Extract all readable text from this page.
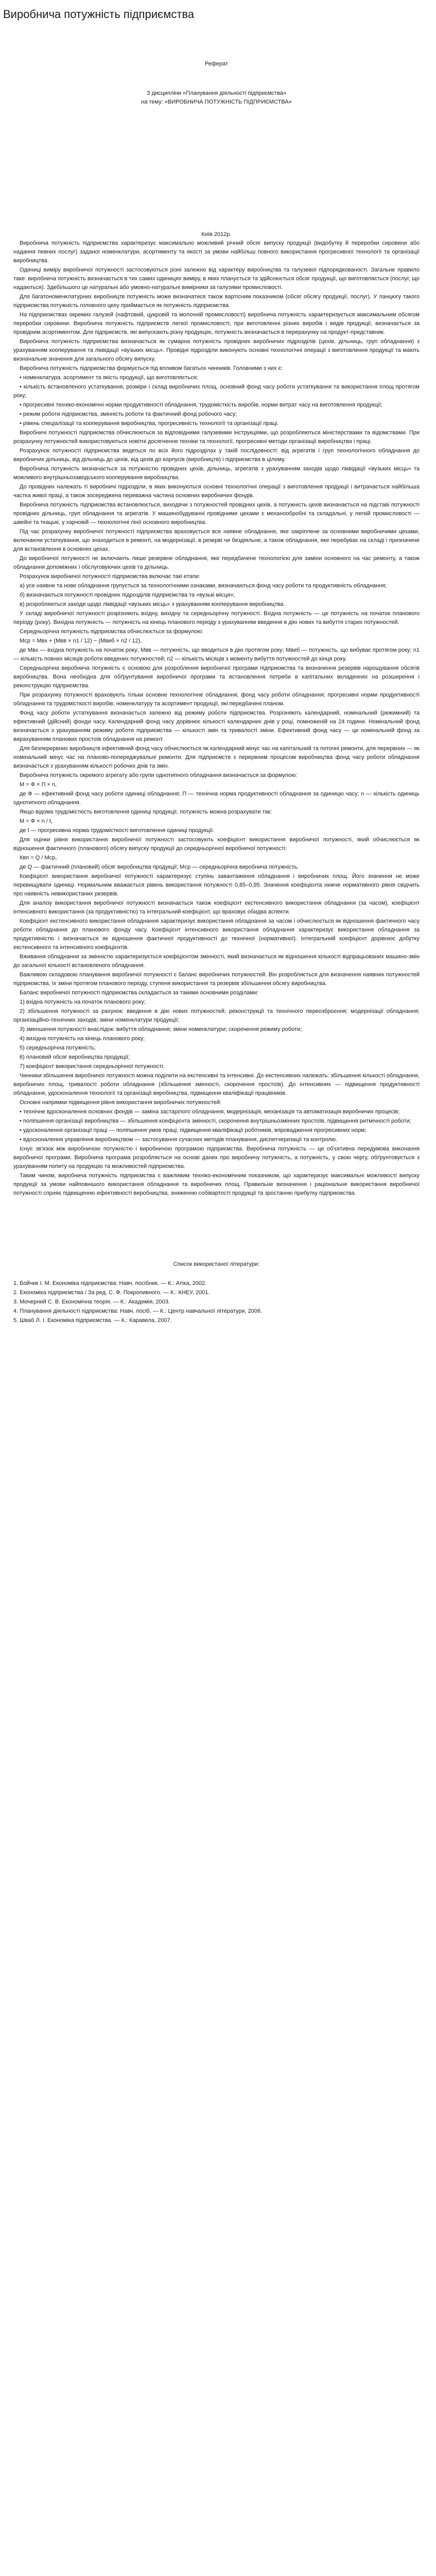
Виробнича потужність підприємства
Реферат
З дисципліни «Планування діяльності підприємства»
на тему: «ВИРОБНИЧА ПОТУЖНІСТЬ ПІДПРИЄМСТВА»
Київ 2012р.

Виробнича потужність підприємства характеризує максимально можливий річний обсяг випуску продукції (видобутку й переробки сировини або надання певних послуг) заданої номенклатури, асортименту та якості за умови найбільш повного використання прогресивної технології та організації виробництва.

Одиниці виміру виробничої потужності застосовуються різні залежно від характеру виробництва та галузевої підпорядкованості. Загальне правило таке: виробнича потужність визначається в тих самих одиницях виміру, в яких планується та здійснюється обсяг продукції, що виготовляється (послуг, що надаються). Здебільшого це натуральні або умовно-натуральні вимірники за галузями промисловості.

Для багатономенклатурних виробництв потужність може визначатися також вартісним показником (обсяг обсягу продукції, послуг). У ланцюгу такого підприємства потужність головного цеху приймається як потужність підприємства.

На підприємствах окремих галузей (нафтовий, цукровій та молочній промисловості) виробнича потужність характеризується максимальним обсягом переробки сировини. Виробнича потужність підприємств легкої промисловості, при виготовленні різних виробів і видів продукції, визначається за провідним асортиментом. Для підприємств, які випускають різну продукцію, потужність визначається в перерахунку на продукт-представник.

Виробнича потужність підприємства визначається як сумарна потужність провідних виробничих підрозділів (цехів, дільниць, груп обладнання) з урахуванням кооперування та ліквідації «вузьких місць». Провідні підрозділи виконують основні технологічні операції з виготовлення продукції та мають визначальне значення для загального обсягу випуску.

Виробнича потужність підприємства формується під впливом багатьох чинників. Головними з них є:

• номенклатура, асортимент та якість продукції, що виготовляється;

• кількість встановленого устаткування, розміри і склад виробничих площ, основний фонд часу роботи устаткування та використання площ протягом року;

• прогресивні техніко-економічні норми продуктивності обладнання, трудомісткість виробів, норми витрат часу на виготовлення продукції;

• режим роботи підприємства, змінність роботи та фактичний фонд робочого часу;

• рівень спеціалізації та кооперування виробництва, прогресивність технології та організації праці.

Виробничі потужності підприємства обчислюються за відповідними галузевими інструкціями, що розробляються міністерствами та відомствами. При розрахунку потужностей використовуються новітні досягнення техніки та технології, прогресивні методи організації виробництва і праці.

Розрахунок потужності підприємства ведеться по всіх його підрозділах у такій послідовності: від агрегатів і груп технологічного обладнання до виробничих дільниць, від дільниць до цехів, від цехів до корпусів (виробництв) і підприємства в цілому.

Виробнича потужність визначається за потужністю провідних цехів, дільниць, агрегатів з урахуванням заходів щодо ліквідації «вузьких місць» та можливого внутрішньозаводського кооперування виробництва.

До провідних належать ті виробничі підрозділи, в яких виконуються основні технологічні операції з виготовлення продукції і витрачається найбільша частка живої праці, а також зосереджена переважна частина основних виробничих фондів.

Виробнича потужність підприємства встановлюється, виходячи з потужностей провідних цехів, а потужність цехів визначається на підставі потужності провідних дільниць, груп обладнання та агрегатів. У машинобудуванні провідними цехами є механообробні та складальні, у легкій промисловості — швейні та ткацькі, у харчовій — технологічні лінії основного виробництва.

Під час розрахунку виробничої потужності підприємства враховується все наявне обладнання, яке закріплене за основними виробничими цехами, включаючи устаткування, що знаходиться в ремонті, на модернізації, в резерві чи бездіяльне, а також обладнання, яке перебуває на складі і призначене для встановлення в основних цехах.

До виробничої потужності не включають лише резервне обладнання, яке передбачене технологією для заміни основного на час ремонту, а також обладнання допоміжних і обслуговуючих цехів та дільниць.

Розрахунок виробничої потужності підприємства включає такі етапи:

а) усе наявне та нове обладнання групується за технологічними ознаками, визначаються фонд часу роботи та продуктивність обладнання;

б) визначаються потужності провідних підрозділів підприємства та «вузькі місця»;

в) розробляються заходи щодо ліквідації «вузьких місць» з урахуванням кооперування виробництва.

У складі виробничої потужності розрізняють вхідну, вихідну та середньорічну потужності. Вхідна потужність — це потужність на початок планового періоду (року). Вихідна потужність — потужність на кінець планового періоду з урахуванням введення в дію нових та вибуття старих потужностей.

Середньорічна потужність підприємства обчислюється за формулою:

Мср = Мвх + (Мвв × n1 / 12) − (Мвиб × n2 / 12),

де Мвх — вхідна потужність на початок року; Мвв — потужність, що вводиться в дію протягом року; Мвиб — потужність, що вибуває протягом року; n1 — кількість повних місяців роботи введених потужностей; n2 — кількість місяців з моменту вибуття потужностей до кінця року.

Середньорічна виробнича потужність є основою для розроблення виробничої програми підприємства та визначення резервів нарощування обсягів виробництва. Вона необхідна для обґрунтування виробничої програми та встановлення потреби в капітальних вкладеннях на розширення і реконструкцію підприємства.

При розрахунку потужності враховують тільки основне технологічне обладнання; фонд часу роботи обладнання; прогресивні норми продуктивності обладнання та трудомісткості виробів; номенклатуру та асортимент продукції, які передбачені планом.

Фонд часу роботи устаткування визначається залежно від режиму роботи підприємства. Розрізняють календарний, номінальний (режимний) та ефективний (дійсний) фонди часу. Календарний фонд часу дорівнює кількості календарних днів у році, помноженій на 24 години. Номінальний фонд визначається з урахуванням режиму роботи підприємства — кількості змін та тривалості зміни. Ефективний фонд часу — це номінальний фонд за вирахуванням планових простоїв обладнання на ремонт.

Для безперервних виробництв ефективний фонд часу обчислюється як календарний мінус час на капітальний та поточні ремонти, для перервних — як номінальний мінус час на планово-попереджувальні ремонти. Для підприємств з перервним процесом виробництва фонд часу роботи обладнання визначається з урахуванням кількості робочих днів та змін.

Виробнича потужність окремого агрегату або групи однотипного обладнання визначається за формулою:

М = Ф × П × n,

де Ф — ефективний фонд часу роботи одиниці обладнання; П — технічна норма продуктивності обладнання за одиницю часу; n — кількість одиниць однотипного обладнання.

Якщо відома трудомісткість виготовлення одиниці продукції, потужність можна розрахувати так:

М = Ф × n / t,

де t — прогресивна норма трудомісткості виготовлення одиниці продукції.

Для оцінки рівня використання виробничої потужності застосовують коефіцієнт використання виробничої потужності, який обчислюється як відношення фактичного (планового) обсягу випуску продукції до середньорічної виробничої потужності:

Квп = Q / Мср,

де Q — фактичний (плановий) обсяг виробництва продукції; Мср — середньорічна виробнича потужність.

Коефіцієнт використання виробничої потужності характеризує ступінь завантаження обладнання і виробничих площ. Його значення не може перевищувати одиниці. Нормальним вважається рівень використання потужності 0,85–0,95. Значення коефіцієнта нижче нормативного рівня свідчить про наявність невикористаних резервів.

Для аналізу використання виробничої потужності визначається також коефіцієнт екстенсивного використання обладнання (за часом), коефіцієнт інтенсивного використання (за продуктивністю) та інтегральний коефіцієнт, що враховує обидва аспекти.

Коефіцієнт екстенсивного використання обладнання характеризує використання обладнання за часом і обчислюється як відношення фактичного часу роботи обладнання до планового фонду часу. Коефіцієнт інтенсивного використання обладнання характеризує використання обладнання за продуктивністю і визначається як відношення фактичної продуктивності до технічної (нормативної). Інтегральний коефіцієнт дорівнює добутку екстенсивного та інтенсивного коефіцієнтів.

Вживання обладнання за змінністю характеризується коефіцієнтом змінності, який визначається як відношення кількості відпрацьованих машино-змін до загальної кількості встановленого обладнання.

Важливою складовою планування виробничої потужності є баланс виробничих потужностей. Він розробляється для визначення наявних потужностей підприємства, їх зміни протягом планового періоду, ступеня використання та резервів збільшення обсягу виробництва.

Баланс виробничої потужності підприємства складається за такими основними розділами:

1) вхідна потужність на початок планового року;

2) збільшення потужності за рахунок: введення в дію нових потужностей; реконструкції та технічного переозброєння; модернізації обладнання; організаційно-технічних заходів; зміни номенклатури продукції;

3) зменшення потужності внаслідок: вибуття обладнання; зміни номенклатури; скорочення режиму роботи;

4) вихідна потужність на кінець планового року;

5) середньорічна потужність;

6) плановий обсяг виробництва продукції;

7) коефіцієнт використання середньорічної потужності.

Чинники збільшення виробничої потужності можна поділити на екстенсивні та інтенсивні. До екстенсивних належать: збільшення кількості обладнання, виробничих площ, тривалості роботи обладнання (збільшення змінності, скорочення простоїв). До інтенсивних — підвищення продуктивності обладнання, удосконалення технології та організації виробництва, підвищення кваліфікації працівників.

Основні напрямки підвищення рівня використання виробничих потужностей:

• технічне вдосконалення основних фондів — заміна застарілого обладнання, модернізація, механізація та автоматизація виробничих процесів;

• поліпшення організації виробництва — збільшення коефіцієнта змінності, скорочення внутрішньозмінних простоїв, підвищення ритмічності роботи;

• удосконалення організації праці — поліпшення умов праці, підвищення кваліфікації робітників, впровадження прогресивних норм;

• вдосконалення управління виробництвом — застосування сучасних методів планування, диспетчеризації та контролю.

Існує зв'язок між виробничою потужністю і виробничою програмою підприємства. Виробнича потужність — це об'єктивна передумова виконання виробничої програми. Виробнича програма розробляється на основі даних про виробничу потужність, а потужність, у свою чергу, обґрунтовується з урахуванням попиту на продукцію та можливостей підприємства.

Таким чином, виробнича потужність підприємства є важливим техніко-економічним показником, що характеризує максимальні можливості випуску продукції за умови найповнішого використання обладнання та виробничих площ. Правильне визначення і раціональне використання виробничої потужності сприяє підвищенню ефективності виробництва, зниженню собівартості продукції та зростанню прибутку підприємства.

Список використаної літератури:
1. Бойчик І. М. Економіка підприємства: Навч. посібник. — К.: Атіка, 2002.
2. Економіка підприємства / За ред. С. Ф. Покропивного. — К.: КНЕУ, 2001.
3. Мочерний С. В. Економічна теорія. — К.: Академія, 2003.
4. Планування діяльності підприємства: Навч. посіб. — К.: Центр навчальної літератури, 2006.
5. Шваб Л. І. Економіка підприємства. — К.: Каравела, 2007.
